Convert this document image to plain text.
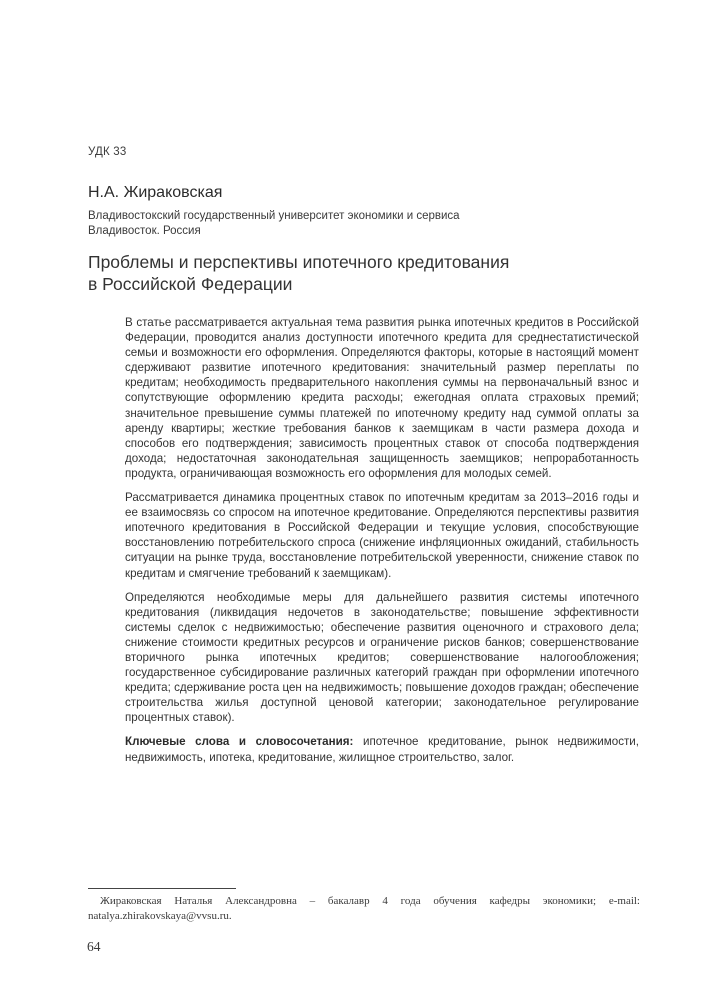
УДК 33
Н.А. Жираковская
Владивостокский государственный университет экономики и сервиса
Владивосток. Россия
Проблемы и перспективы ипотечного кредитования
в Российской Федерации

В статье рассматривается актуальная тема развития рынка ипотечных кредитов в Российской Федерации, проводится анализ доступности ипотечного кредита для среднестатистической семьи и возможности его оформления. Определяются факторы, которые в настоящий момент сдерживают развитие ипотечного кредитования: значительный размер переплаты по кредитам; необходимость предварительного накопления суммы на первоначальный взнос и сопутствующие оформлению кредита расходы; ежегодная оплата страховых премий; значительное превышение суммы платежей по ипотечному кредиту над суммой оплаты за аренду квартиры; жесткие требования банков к заемщикам в части размера дохода и способов его подтверждения; зависимость процентных ставок от способа подтверждения дохода; недостаточная законодательная защищенность заемщиков; непроработанность продукта, ограничивающая возможность его оформления для молодых семей.

Рассматривается динамика процентных ставок по ипотечным кредитам за 2013–2016 годы и ее взаимосвязь со спросом на ипотечное кредитование. Определяются перспективы развития ипотечного кредитования в Российской Федерации и текущие условия, способствующие восстановлению потребительского спроса (снижение инфляционных ожиданий, стабильность ситуации на рынке труда, восстановление потребительской уверенности, снижение ставок по кредитам и смягчение требований к заемщикам).

Определяются необходимые меры для дальнейшего развития системы ипотечного кредитования (ликвидация недочетов в законодательстве; повышение эффективности системы сделок с недвижимостью; обеспечение развития оценочного и страхового дела; снижение стоимости кредитных ресурсов и ограничение рисков банков; совершенствование вторичного рынка ипотечных кредитов; совершенствование налогообложения; государственное субсидирование различных категорий граждан при оформлении ипотечного кредита; сдерживание роста цен на недвижимость; повышение доходов граждан; обеспечение строительства жилья доступной ценовой категории; законодательное регулирование процентных ставок).

Ключевые слова и словосочетания: ипотечное кредитование, рынок недвижимости, недвижимость, ипотека, кредитование, жилищное строительство, залог.

Жираковская Наталья Александровна – бакалавр 4 года обучения кафедры экономики; e-mail: natalya.zhirakovskaya@vvsu.ru.
64
